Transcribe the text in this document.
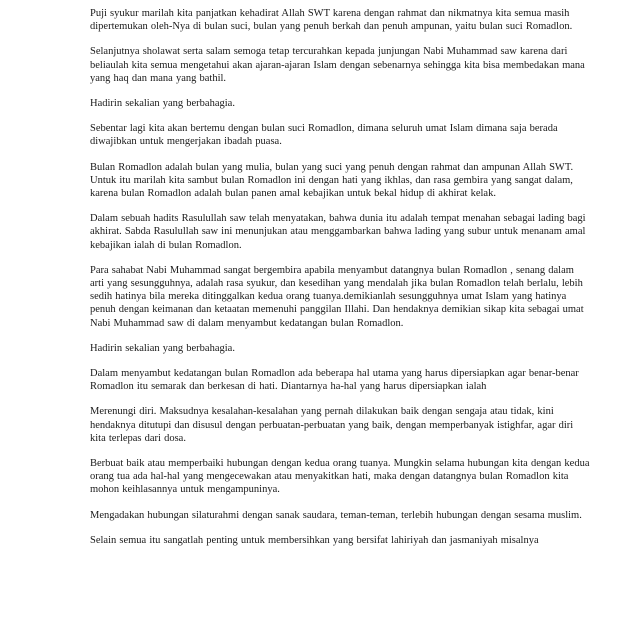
Puji syukur marilah kita panjatkan kehadirat Allah SWT karena dengan rahmat dan nikmatnya kita semua masih dipertemukan oleh-Nya di bulan suci, bulan yang penuh berkah dan penuh ampunan, yaitu bulan suci Romadlon.

Selanjutnya sholawat serta salam semoga tetap tercurahkan kepada junjungan Nabi Muhammad saw karena dari beliaulah kita semua mengetahui akan ajaran-ajaran Islam dengan sebenarnya sehingga kita bisa membedakan mana yang haq dan mana yang bathil.

Hadirin sekalian yang berbahagia.

Sebentar lagi kita akan bertemu dengan bulan suci Romadlon, dimana seluruh umat Islam dimana saja berada diwajibkan untuk mengerjakan ibadah puasa.

Bulan Romadlon adalah bulan yang mulia, bulan yang suci yang penuh dengan rahmat dan ampunan Allah SWT. Untuk itu marilah kita sambut bulan Romadlon ini dengan hati yang ikhlas, dan rasa gembira yang sangat dalam, karena bulan Romadlon adalah bulan panen amal kebajikan untuk bekal hidup di akhirat kelak.

Dalam sebuah hadits Rasulullah saw telah menyatakan, bahwa dunia itu adalah tempat menahan sebagai lading bagi akhirat. Sabda Rasulullah saw ini menunjukan atau menggambarkan bahwa lading yang subur untuk menanam amal kebajikan ialah di bulan Romadlon.

Para sahabat Nabi Muhammad sangat bergembira apabila menyambut datangnya bulan Romadlon , senang dalam arti yang sesungguhnya, adalah rasa syukur, dan kesedihan yang mendalah jika bulan Romadlon telah berlalu, lebih sedih hatinya bila mereka ditinggalkan kedua orang tuanya.demikianlah sesungguhnya umat Islam yang hatinya penuh dengan keimanan dan ketaatan memenuhi panggilan Illahi. Dan hendaknya demikian sikap kita sebagai umat Nabi Muhammad saw di dalam menyambut kedatangan bulan Romadlon.

Hadirin sekalian yang berbahagia.

Dalam menyambut kedatangan bulan Romadlon ada beberapa hal utama yang harus dipersiapkan agar benar-benar Romadlon itu semarak dan berkesan di hati. Diantarnya ha-hal yang harus dipersiapkan ialah

Merenungi diri. Maksudnya kesalahan-kesalahan yang pernah dilakukan baik dengan sengaja atau tidak, kini hendaknya ditutupi dan disusul dengan perbuatan-perbuatan yang baik, dengan memperbanyak istighfar, agar diri kita terlepas dari dosa.

Berbuat baik atau memperbaiki hubungan dengan kedua orang tuanya. Mungkin selama hubungan kita dengan kedua orang tua ada hal-hal yang mengecewakan atau menyakitkan hati, maka dengan datangnya bulan Romadlon kita mohon keihlasannya untuk mengampuninya.

Mengadakan hubungan silaturahmi dengan sanak saudara, teman-teman, terlebih hubungan dengan sesama muslim.

Selain semua itu sangatlah penting untuk membersihkan yang bersifat lahiriyah dan jasmaniyah misalnya
